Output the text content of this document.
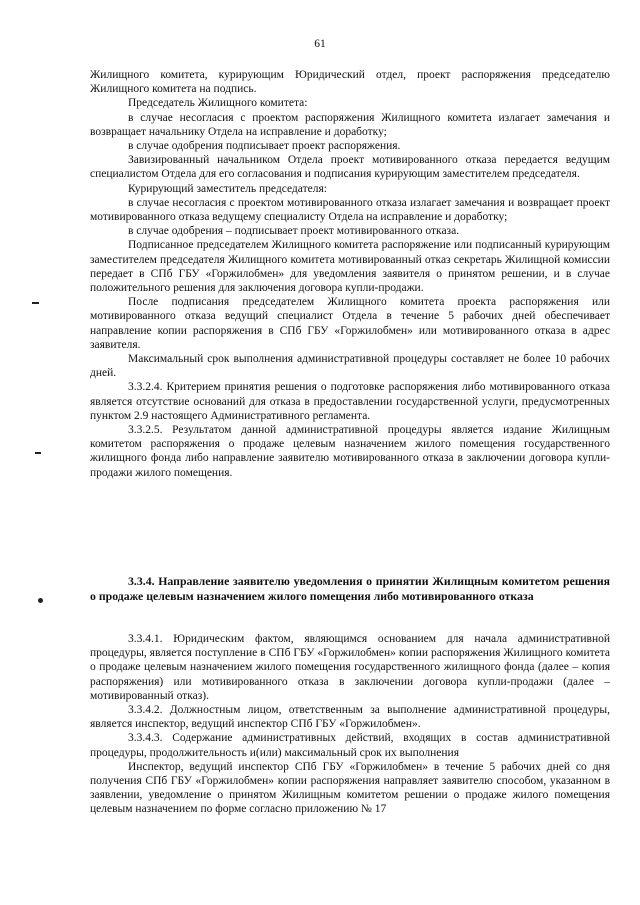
61

Жилищного комитета, курирующим Юридический отдел, проект распоряжения председателю Жилищного комитета на подпись.

Председатель Жилищного комитета:

в случае несогласия с проектом распоряжения Жилищного комитета излагает замечания и возвращает начальнику Отдела на исправление и доработку;

в случае одобрения подписывает проект распоряжения.

Завизированный начальником Отдела проект мотивированного отказа передается ведущим специалистом Отдела для его согласования и подписания курирующим заместителем председателя.

Курирующий заместитель председателя:

в случае несогласия с проектом мотивированного отказа излагает замечания и возвращает проект мотивированного отказа ведущему специалисту Отдела на исправление и доработку;

в случае одобрения – подписывает проект мотивированного отказа.

Подписанное председателем Жилищного комитета распоряжение или подписанный курирующим заместителем председателя Жилищного комитета мотивированный отказ секретарь Жилищной комиссии передает в СПб ГБУ «Горжилобмен» для уведомления заявителя о принятом решении, и в случае положительного решения для заключения договора купли-продажи.

После подписания председателем Жилищного комитета проекта распоряжения или мотивированного отказа ведущий специалист Отдела в течение 5 рабочих дней обеспечивает направление копии распоряжения в СПб ГБУ «Горжилобмен» или мотивированного отказа в адрес заявителя.

Максимальный срок выполнения административной процедуры составляет не более 10 рабочих дней.

3.3.2.4. Критерием принятия решения о подготовке распоряжения либо мотивированного отказа является отсутствие оснований для отказа в предоставлении государственной услуги, предусмотренных пунктом 2.9 настоящего Административного регламента.

3.3.2.5. Результатом данной административной процедуры является издание Жилищным комитетом распоряжения о продаже целевым назначением жилого помещения государственного жилищного фонда либо направление заявителю мотивированного отказа в заключении договора купли-продажи жилого помещения.

3.3.4. Направление заявителю уведомления о принятии Жилищным комитетом решения о продаже целевым назначением жилого помещения либо мотивированного отказа

3.3.4.1. Юридическим фактом, являющимся основанием для начала административной процедуры, является поступление в СПб ГБУ «Горжилобмен» копии распоряжения Жилищного комитета о продаже целевым назначением жилого помещения государственного жилищного фонда (далее – копия распоряжения) или мотивированного отказа в заключении договора купли-продажи (далее – мотивированный отказ).

3.3.4.2. Должностным лицом, ответственным за выполнение административной процедуры, является инспектор, ведущий инспектор СПб ГБУ «Горжилобмен».

3.3.4.3. Содержание административных действий, входящих в состав административной процедуры, продолжительность и(или) максимальный срок их выполнения

Инспектор, ведущий инспектор СПб ГБУ «Горжилобмен» в течение 5 рабочих дней со дня получения СПб ГБУ «Горжилобмен» копии распоряжения направляет заявителю способом, указанном в заявлении, уведомление о принятом Жилищным комитетом решении о продаже жилого помещения целевым назначением по форме согласно приложению № 17
